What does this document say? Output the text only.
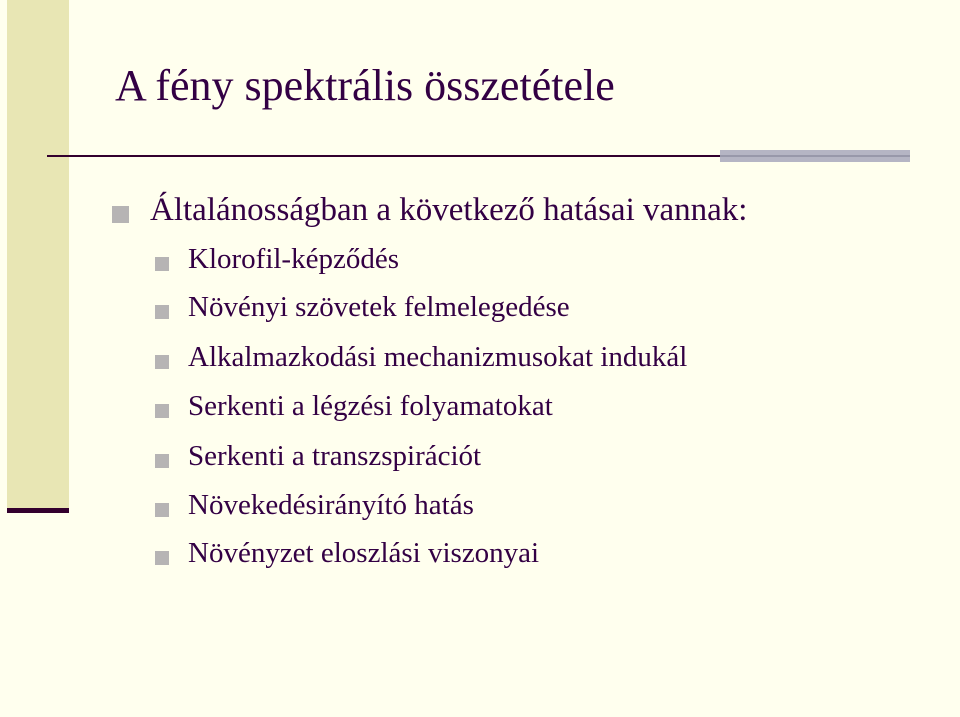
A fény spektrális összetétele
Általánosságban a következő hatásai vannak:
Klorofil-képződés
Növényi szövetek felmelegedése
Alkalmazkodási mechanizmusokat indukál
Serkenti a légzési folyamatokat
Serkenti a transzspirációt
Növekedésirányító hatás
Növényzet eloszlási viszonyai
